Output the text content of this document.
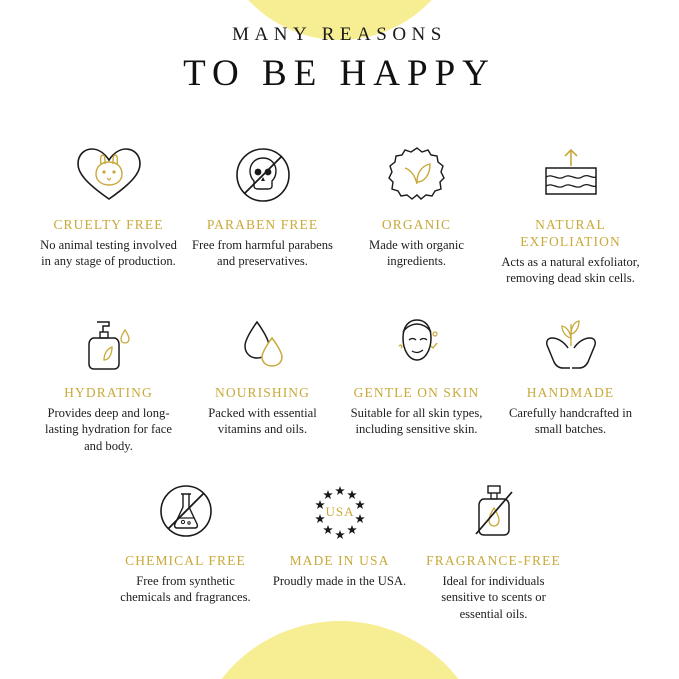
MANY REASONS

TO BE HAPPY

CRUELTY FREE

No animal testing involved in any stage of production.

PARABEN FREE

Free from harmful parabens and preservatives.

ORGANIC

Made with organic ingredients.

NATURAL EXFOLIATION

Acts as a natural exfoliator, removing dead skin cells.

HYDRATING

Provides deep and long-lasting hydration for face and body.

NOURISHING

Packed with essential vitamins and oils.

GENTLE ON SKIN

Suitable for all skin types, including sensitive skin.

HANDMADE

Carefully handcrafted in small batches.

CHEMICAL FREE

Free from synthetic chemicals and fragrances.

USA

MADE IN USA

Proudly made in the USA.

FRAGRANCE-FREE

Ideal for individuals sensitive to scents or essential oils.
